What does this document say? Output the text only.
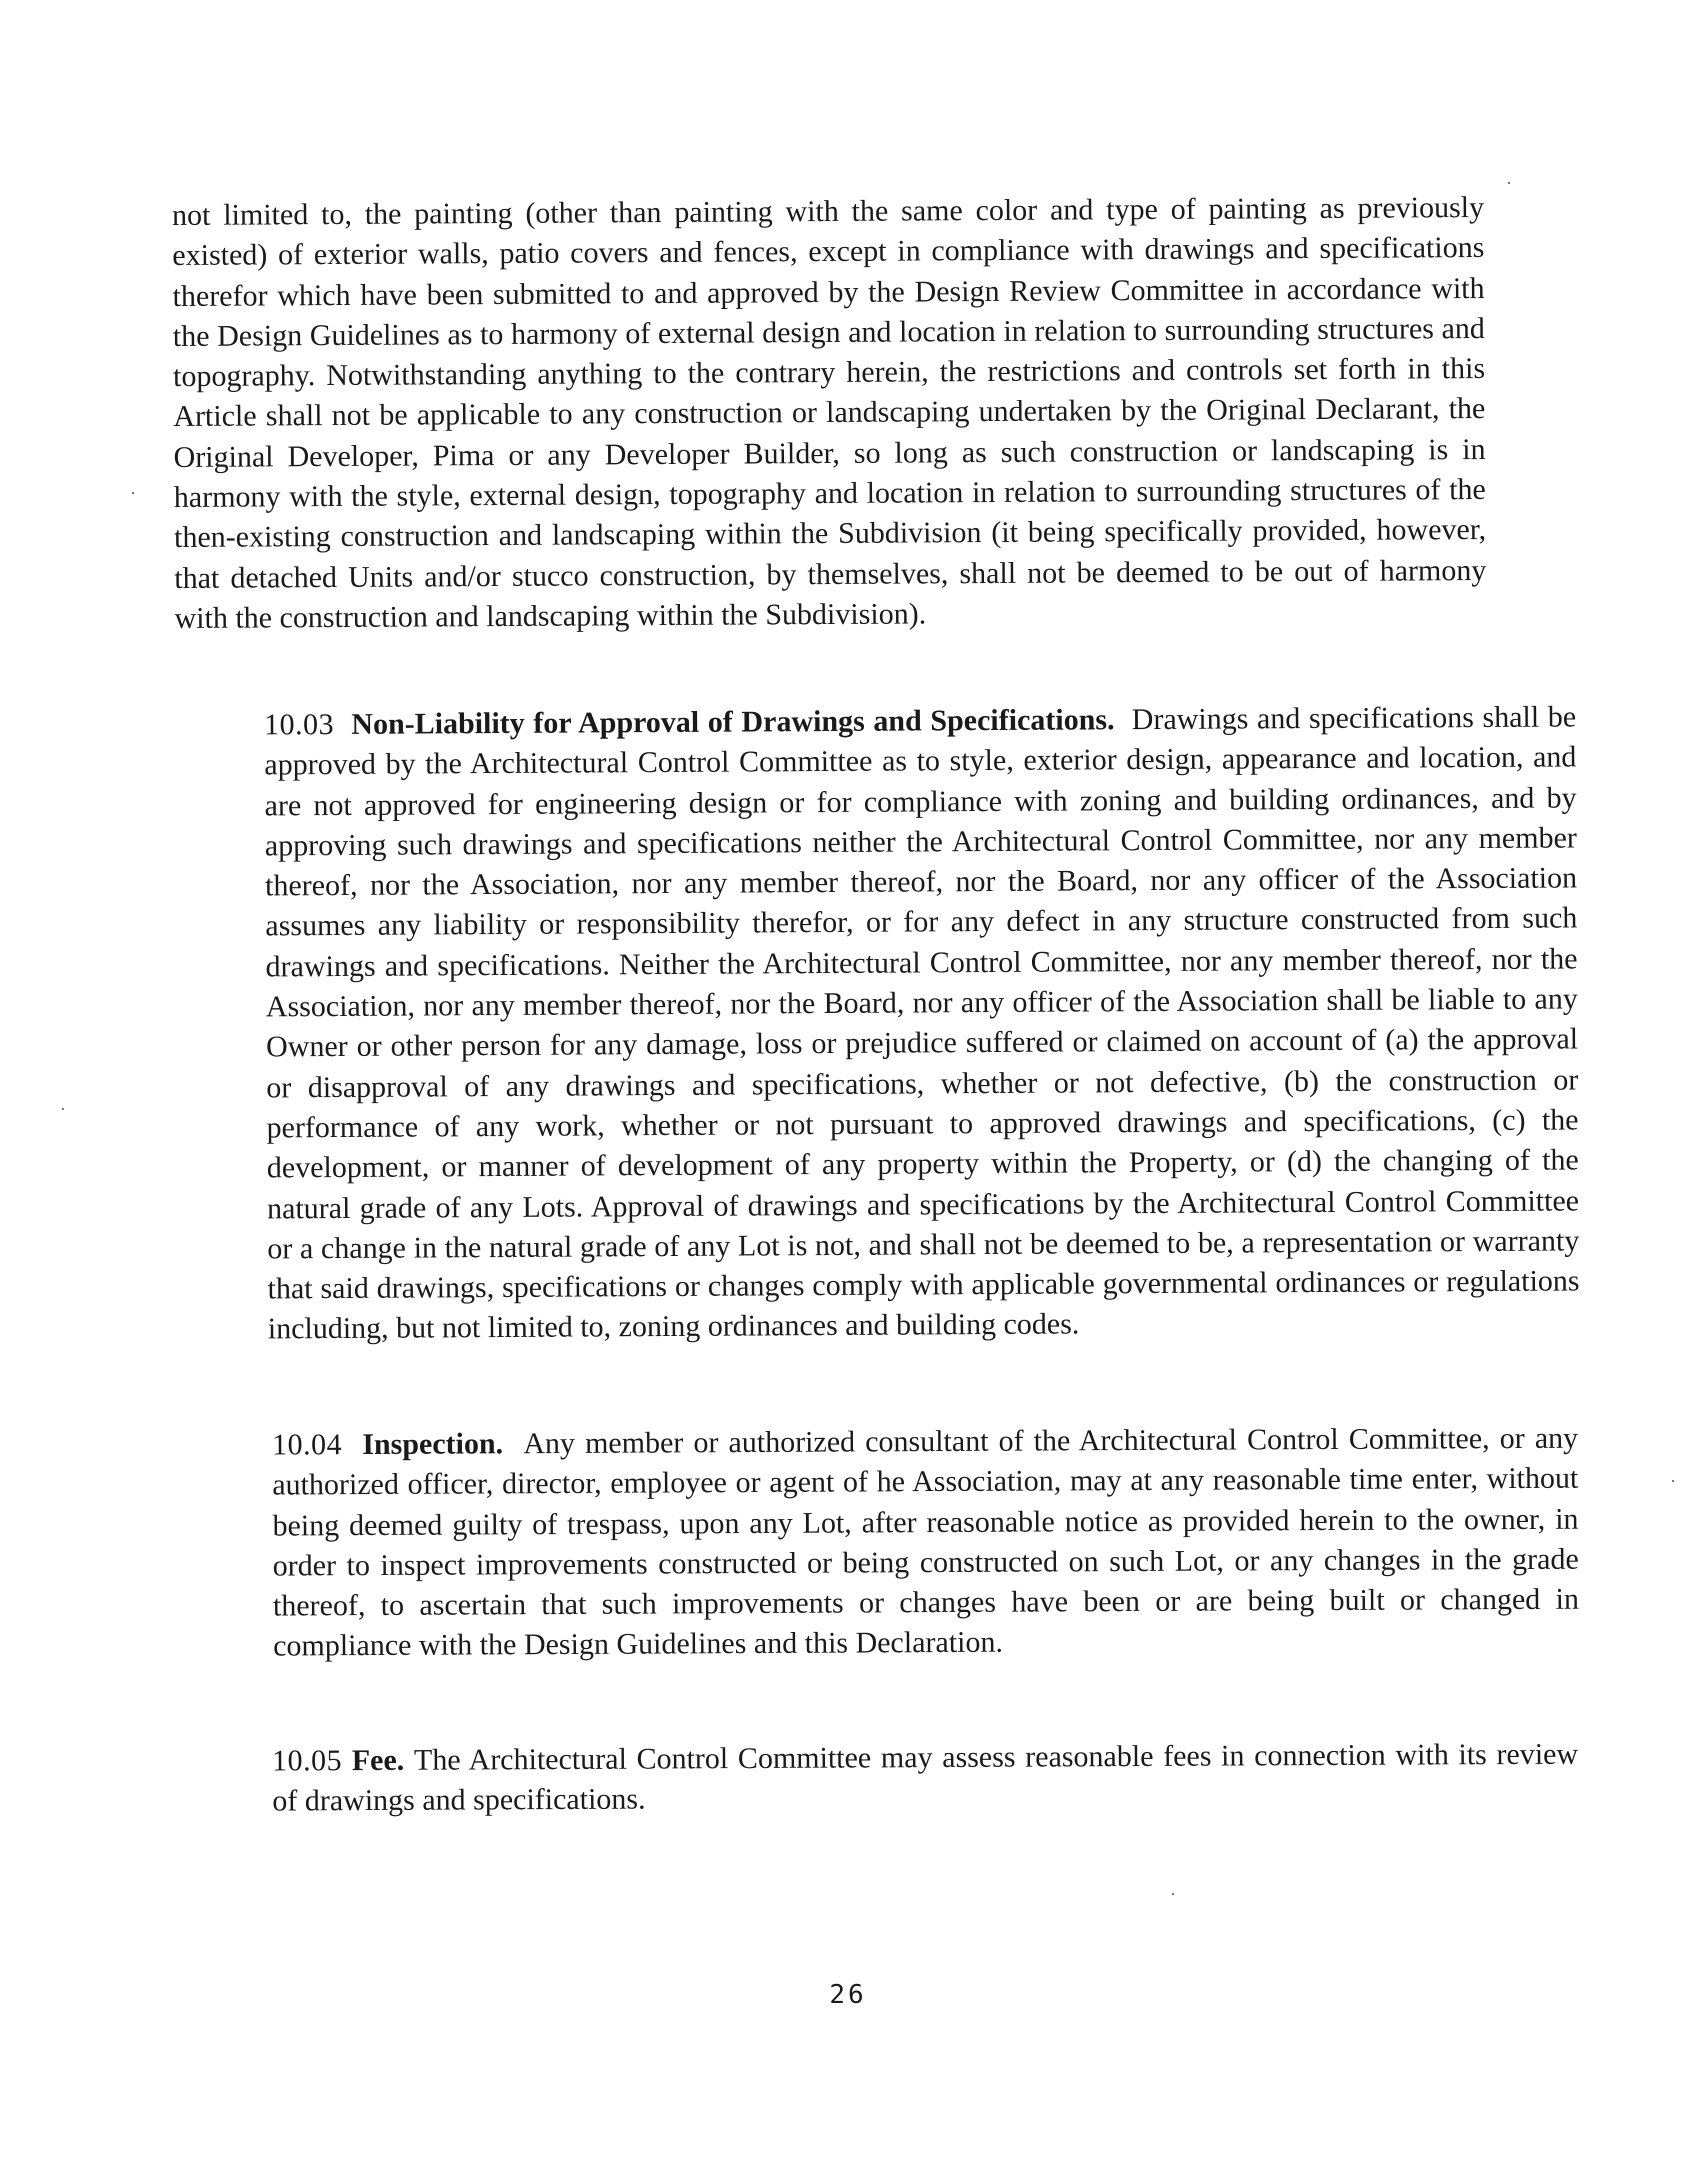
not limited to, the painting (other than painting with the same color and type of painting as previously existed) of exterior walls, patio covers and fences, except in compliance with drawings and specifications therefor which have been submitted to and approved by the Design Review Committee in accordance with the Design Guidelines as to harmony of external design and location in relation to surrounding structures and topography. Notwithstanding anything to the contrary herein, the restrictions and controls set forth in this Article shall not be applicable to any construction or landscaping undertaken by the Original Declarant, the Original Developer, Pima or any Developer Builder, so long as such construction or landscaping is in harmony with the style, external design, topography and location in relation to surrounding structures of the then-existing construction and landscaping within the Subdivision (it being specifically provided, however, that detached Units and/or stucco construction, by themselves, shall not be deemed to be out of harmony with the construction and landscaping within the Subdivision).

10.03 Non-Liability for Approval of Drawings and Specifications. Drawings and specifications shall be approved by the Architectural Control Committee as to style, exterior design, appearance and location, and are not approved for engineering design or for compliance with zoning and building ordinances, and by approving such drawings and specifications neither the Architectural Control Committee, nor any member thereof, nor the Association, nor any member thereof, nor the Board, nor any officer of the Association assumes any liability or responsibility therefor, or for any defect in any structure constructed from such drawings and specifications. Neither the Architectural Control Committee, nor any member thereof, nor the Association, nor any member thereof, nor the Board, nor any officer of the Association shall be liable to any Owner or other person for any damage, loss or prejudice suffered or claimed on account of (a) the approval or disapproval of any drawings and specifications, whether or not defective, (b) the construction or performance of any work, whether or not pursuant to approved drawings and specifications, (c) the development, or manner of development of any property within the Property, or (d) the changing of the natural grade of any Lots. Approval of drawings and specifications by the Architectural Control Committee or a change in the natural grade of any Lot is not, and shall not be deemed to be, a representation or warranty that said drawings, specifications or changes comply with applicable governmental ordinances or regulations including, but not limited to, zoning ordinances and building codes.

10.04 Inspection. Any member or authorized consultant of the Architectural Control Committee, or any authorized officer, director, employee or agent of he Association, may at any reasonable time enter, without being deemed guilty of trespass, upon any Lot, after reasonable notice as provided herein to the owner, in order to inspect improvements constructed or being constructed on such Lot, or any changes in the grade thereof, to ascertain that such improvements or changes have been or are being built or changed in compliance with the Design Guidelines and this Declaration.

10.05 Fee. The Architectural Control Committee may assess reasonable fees in connection with its review of drawings and specifications.

26
